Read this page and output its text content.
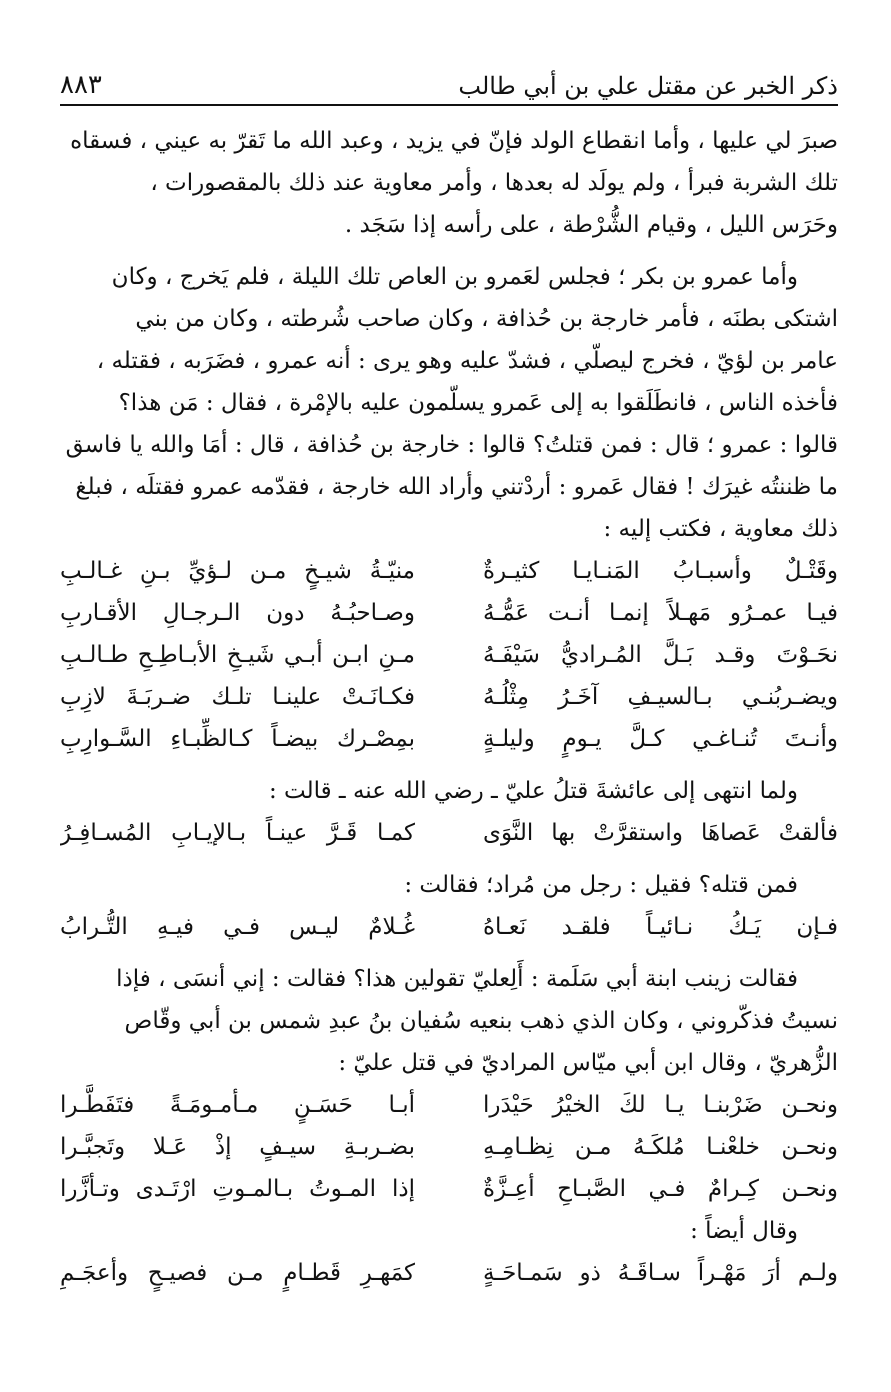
ذكر الخبر عن مقتل علي بن أبي طالب
٨٨٣

صبرَ لي عليها ، وأما انقطاع الولد فإنّ في يزيد ، وعبد الله ما تَقرّ به عيني ، فسقاه

تلك الشربة فبرأ ، ولم يولَد له بعدها ، وأمر معاوية عند ذلك بالمقصورات ،

وحَرَس الليل ، وقيام الشُّرْطة ، على رأسه إذا سَجَد .

وأما عمرو بن بكر ؛ فجلس لعَمرو بن العاص تلك الليلة ، فلم يَخرج ، وكان

اشتكى بطنَه ، فأمر خارجة بن حُذافة ، وكان صاحب شُرطته ، وكان من بني

عامر بن لؤيّ ، فخرج ليصلّي ، فشدّ عليه وهو يرى : أنه عمرو ، فضَرَبه ، فقتله ،

فأخذه الناس ، فانطَلَقوا به إلى عَمرو يسلّمون عليه بالإمْرة ، فقال : مَن هذا؟

قالوا : عمرو ؛ قال : فمن قتلتُ؟ قالوا : خارجة بن حُذافة ، قال : أمَا والله يا فاسق

ما ظننتُه غيرَك ! فقال عَمرو : أردْتني وأراد الله خارجة ، فقدّمه عمرو فقتلَه ، فبلغ

ذلك معاوية ، فكتب إليه :

وقَتْـلٌ وأسبـابُ المَنـايـا كثيـرةٌ
منيّـةُ شيـخٍ مـن لـؤيِّ بـنِ غـالـبِ
فيـا عمـرُو مَهـلاً إنمـا أنـت عَمُّـهُ
وصـاحبُـهُ دون الـرجـالِ الأقـاربِ
نحَـوْتَ وقـد بَـلَّ المُـراديُّ سَيْفَـهُ
مـنِ ابـن أبـي شَيـخِ الأبـاطِـحِ طـالـبِ
ويضـربُنـي بـالسيـفِ آخَـرُ مِثْلُـهُ
فكـانَـتْ علينـا تلـك ضـربَـةَ لازِبِ
وأنـتَ تُنـاغـي كـلَّ يـومٍ وليلـةٍ
بمِصْـرك بيضـاً كـالظِّبـاءِ السَّـوارِبِ

ولما انتهى إلى عائشةَ قتلُ عليّ ـ رضي الله عنه ـ قالت :

فألقتْ عَصاهَا واستقرَّتْ بها النَّوَى
كمـا قَـرَّ عينـاً بـالإيـابِ المُسـافِـرُ

فمن قتله؟ فقيل : رجل من مُراد؛ فقالت :

فـإن يَـكُ نـائيـاً فلقـد نَعـاهُ
غُـلامٌ ليـس فـي فيـهِ التُّـرابُ

فقالت زينب ابنة أبي سَلَمة : أَلِعليّ تقولين هذا؟ فقالت : إني أنسَى ، فإذا

نسيتُ فذكّروني ، وكان الذي ذهب بنعيه سُفيان بنُ عبدِ شمس بن أبي وقّاص

الزُّهريّ ، وقال ابن أبي ميّاس المراديّ في قتل عليّ :

ونحـن ضَرْبنـا يـا لكَ الخيْرُ حَيْدَرا
أبـا حَسَـنٍ مـأمـومَـةً فتَفَطَّـرا
ونحـن خلعْنـا مُلكَـهُ مـن نِظـامِـهِ
بضـربـةِ سيـفٍ إذْ عَـلا وتَجبَّـرا
ونحـن كِـرامٌ فـي الصَّبـاحِ أعِـزَّةٌ
إذا المـوتُ بـالمـوتِ ارْتَـدى وتـأزَّرا

وقال أيضاً :

ولـم أرَ مَهْـراً سـاقَـهُ ذو سَمـاحَـةٍ
كمَهـرِ قَطـامٍ مـن فصيـحٍ وأعجَـمِ
